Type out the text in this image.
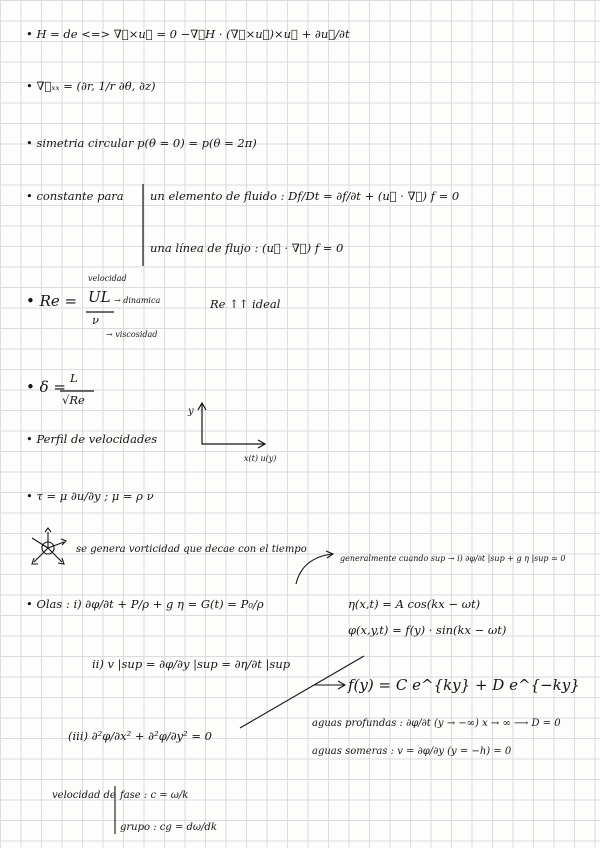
• H = de <=> ∇⃗×u⃗ = 0 −∇⃗H · (∇⃗×u⃗)×u⃗ + ∂u⃗/∂t
• ∇⃗ₓₓ = (∂r, 1/r ∂θ, ∂z)
• simetria circular p(θ = 0) = p(θ = 2π)
• constante para un elemento de fluido : Df/Dt = ∂f/∂t + (u⃗ · ∇⃗) f = 0
una línea de flujo : (u⃗ · ∇⃗) f = 0
• Re =
velocidad
UL
ν
→ dinamica
→ viscosidad
Re ↑↑ ideal
• δ = L
√Re
• Perfil de velocidades
y
x(t) u(y)
• τ = μ ∂u/∂y ; μ = ρ ν
se genera vorticidad que decae con el tiempo
generalmente cuando sup → i) ∂φ/∂t |sup + g η |sup = 0
• Olas : i) ∂φ/∂t + P/ρ + g η = G(t) = P₀/ρ	η(x,t) = A cos(kx − ωt)
φ(x,y,t) = f(y) · sin(kx − ωt)
ii) v |sup = ∂φ/∂y |sup = ∂η/∂t |sup
f(y) = C e^{ky} + D e^{−ky}
(iii) ∂²φ/∂x² + ∂²φ/∂y² = 0
aguas profundas : ∂φ/∂t (y → −∞) x → ∞ ⟶ D = 0
aguas someras : v = ∂φ/∂y (y = −h) = 0
velocidad de fase : c = ω/k
grupo : cg = dω/dk
